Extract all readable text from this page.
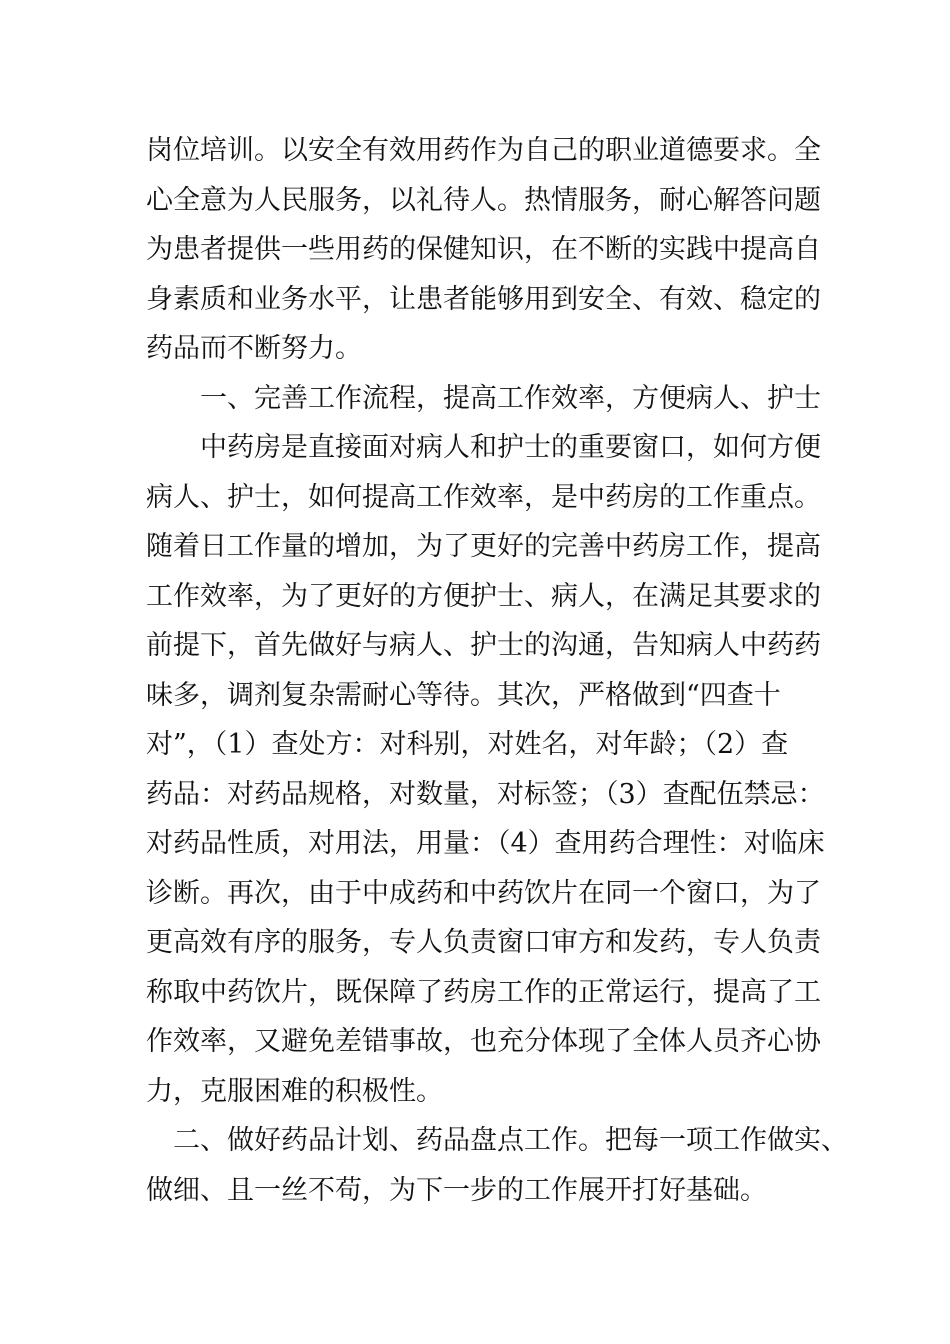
岗位培训。以安全有效用药作为自己的职业道德要求。全
心全意为人民服务，以礼待人。热情服务，耐心解答问题
为患者提供一些用药的保健知识，在不断的实践中提高自
身素质和业务水平，让患者能够用到安全、有效、稳定的
药品而不断努力。

一、完善工作流程，提高工作效率，方便病人、护士

中药房是直接面对病人和护士的重要窗口，如何方便
病人、护士，如何提高工作效率，是中药房的工作重点。
随着日工作量的增加，为了更好的完善中药房工作，提高
工作效率，为了更好的方便护士、病人，在满足其要求的
前提下，首先做好与病人、护士的沟通，告知病人中药药
味多，调剂复杂需耐心等待。其次，严格做到“四查十
对”，（1）查处方：对科别，对姓名，对年龄；（2）查
药品：对药品规格，对数量，对标签；（3）查配伍禁忌：
对药品性质，对用法，用量：（4）查用药合理性：对临床
诊断。再次，由于中成药和中药饮片在同一个窗口，为了
更高效有序的服务，专人负责窗口审方和发药，专人负责
称取中药饮片，既保障了药房工作的正常运行，提高了工
作效率，又避免差错事故，也充分体现了全体人员齐心协
力，克服困难的积极性。

二、做好药品计划、药品盘点工作。把每一项工作做实、
做细、且一丝不苟，为下一步的工作展开打好基础。
